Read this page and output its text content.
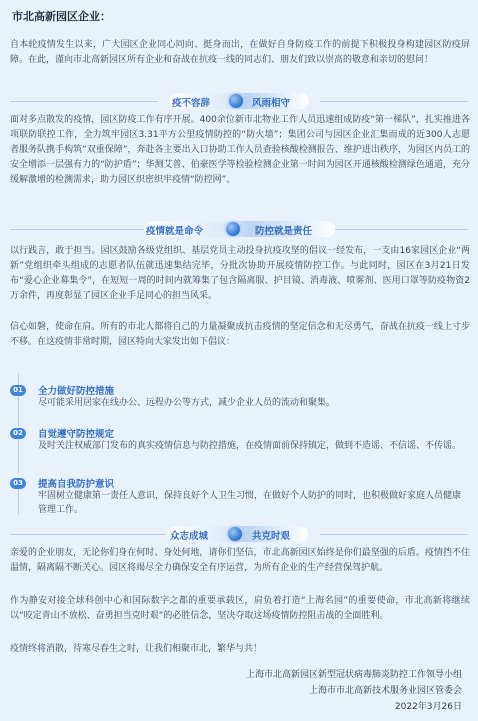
市北高新园区企业：

自本轮疫情发生以来，广大园区企业同心同向、挺身而出，在做好自身防疫工作的前提下积极投身构建园区防疫屏障。在此，谨向市北高新园区所有企业和奋战在抗疫一线的同志们、朋友们致以崇高的敬意和亲切的慰问！

疫不容辞	风雨相守

面对多点散发的疫情，园区防疫工作有序开展。400余位新市北物业工作人员迅速组成防疫“第一梯队”，扎实推进各项联防联控工作，全力筑牢园区3.31平方公里疫情防控的“防火墙”；集团公司与园区企业汇集而成的近300人志愿者服务队携手构筑“双重保障”，奔赴各主要出入口协助工作人员查验核酸检测报告、维护进出秩序，为园区内员工的安全增添一层强有力的“防护盾”；华测艾普、伯豪医学等检验检测企业第一时间为园区开通核酸检测绿色通道，充分缓解激增的检测需求，助力园区织密织牢疫情“防控网”。

疫情就是命令	防控就是责任

以行践言，敢于担当。园区鼓励各级党组织、基层党员主动投身抗疫攻坚的倡议一经发布，一支由16家园区企业“两新”党组织牵头组成的志愿者队伍就迅速集结完毕，分批次协助开展疫情防控工作。与此同时，园区在3月21日发布“爱心企业募集令”，在短短一周的时间内就筹集了包含隔离服、护目镜、消毒液、喷雾剂、医用口罩等防疫物资2万余件，再度彰显了园区企业手足同心的担当风采。

信心如磐，使命在肩。所有的市北人都将自己的力量凝聚成抗击疫情的坚定信念和无尽勇气，奋战在抗疫一线上寸步不移。在这疫情非常时期，园区特向大家发出如下倡议：

01	全力做好防控措施

尽可能采用居家在线办公、远程办公等方式，减少企业人员的流动和聚集。

02	自觉遵守防控规定

及时关注权威部门发布的真实疫情信息与防控措施，在疫情面前保持镇定，做到不造谣、不信谣、不传谣。

03	提高自我防护意识

牢固树立健康第一责任人意识，保持良好个人卫生习惯，在做好个人防护的同时，也积极做好家庭人员健康管理工作。

众志成城	共克时艰

亲爱的企业朋友，无论你们身在何时、身处何地，请你们坚信，市北高新园区始终是你们最坚强的后盾。疫情挡不住温情，隔离隔不断关心。园区将竭尽全力确保安全有序运营，为所有企业的生产经营保驾护航。

作为静安对接全球科创中心和国际数字之都的重要承载区，肩负着打造“上海名园”的重要使命，市北高新将继续以“咬定青山不放松、奋勇担当克时艰”的必胜信念，坚决夺取这场疫情防控阻击战的全面胜利。

疫情终将消散，待寒尽春生之时，让我们相聚市北，繁华与共！

上海市北高新园区新型冠状病毒肺炎防控工作领导小组
上海市市北高新技术服务业园区管委会
2022年3月26日
